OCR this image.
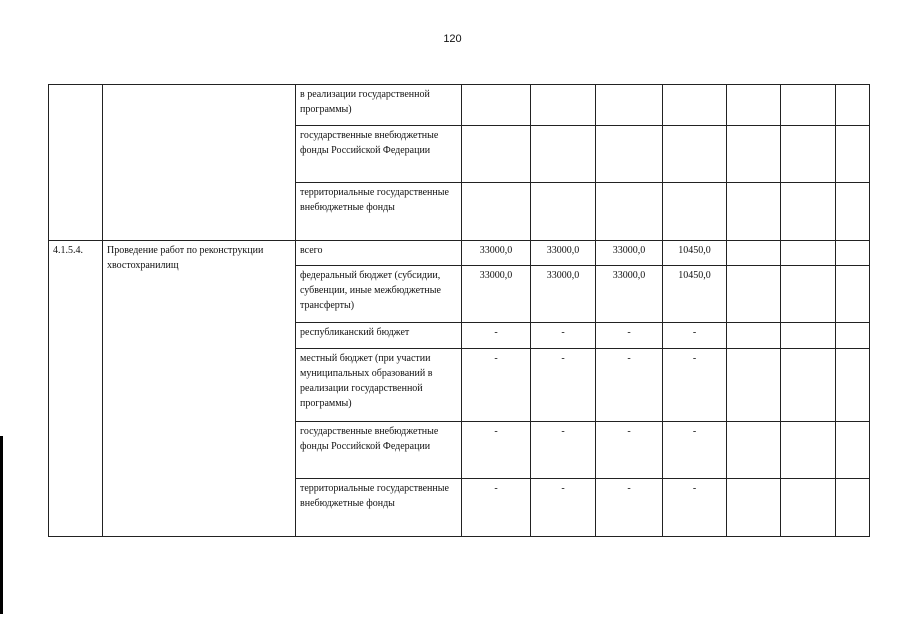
120
		в реализации государственной программы)							
		государственные внебюджетные фонды Российской Федерации							
		территориальные государственные внебюджетные фонды							
4.1.5.4.	Проведение работ по реконструкции хвостохранилищ	всего	33000,0	33000,0	33000,0	10450,0			
		федеральный бюджет (субсидии, субвенции, иные межбюджетные трансферты)	33000,0	33000,0	33000,0	10450,0			
		республиканский бюджет	-	-	-	-			
		местный бюджет (при участии муниципальных образований в реализации государственной программы)	-	-	-	-			
		государственные внебюджетные фонды Российской Федерации	-	-	-	-			
		территориальные государственные внебюджетные фонды	-	-	-	-			
